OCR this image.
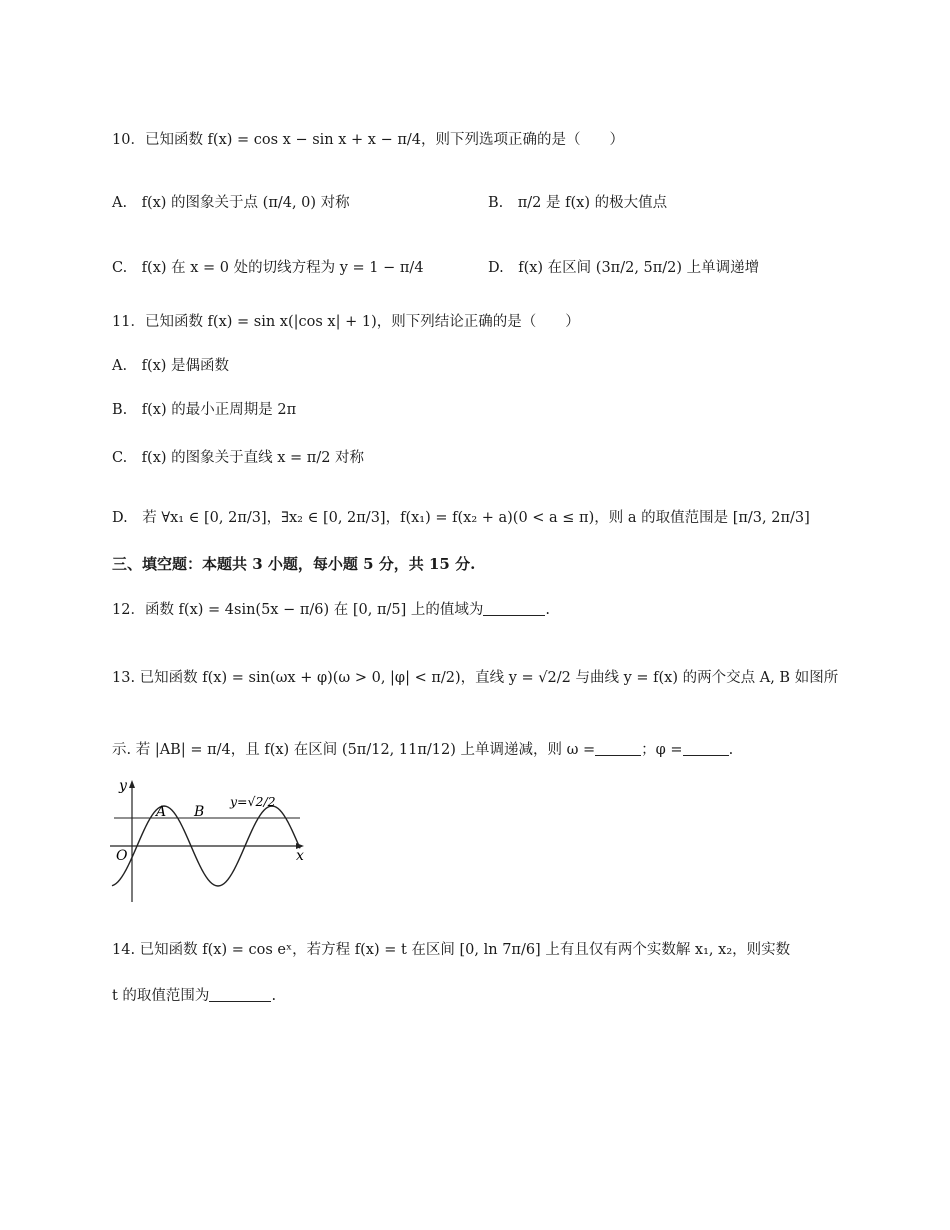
10．已知函数 f(x) = cos x − sin x + x − π/4，则下列选项正确的是（　　）
A.　f(x) 的图象关于点 (π/4, 0) 对称	B.　π/2 是 f(x) 的极大值点
C.　f(x) 在 x = 0 处的切线方程为 y = 1 − π/4	D.　f(x) 在区间 (3π/2, 5π/2) 上单调递增
11．已知函数 f(x) = sin x(|cos x| + 1)，则下列结论正确的是（　　）
A.　f(x) 是偶函数
B.　f(x) 的最小正周期是 2π
C.　f(x) 的图象关于直线 x = π/2 对称
D.　若 ∀x₁ ∈ [0, 2π/3]，∃x₂ ∈ [0, 2π/3]，f(x₁) = f(x₂ + a)(0 < a ≤ π)，则 a 的取值范围是 [π/3, 2π/3]
三、填空题：本题共 3 小题，每小题 5 分，共 15 分.
12．函数 f(x) = 4sin(5x − π/6) 在 [0, π/5] 上的值域为	.
13. 已知函数 f(x) = sin(ωx + φ)(ω > 0, |φ| < π/2)，直线 y = √2/2 与曲线 y = f(x) 的两个交点 A, B 如图所
示. 若 |AB| = π/4，且 f(x) 在区间 (5π/12, 11π/12) 上单调递减，则 ω =	；φ =	.
y
x
O
A B
y=√2/2
14. 已知函数 f(x) = cos eˣ，若方程 f(x) = t 在区间 [0, ln 7π/6] 上有且仅有两个实数解 x₁, x₂，则实数
t 的取值范围为	.
